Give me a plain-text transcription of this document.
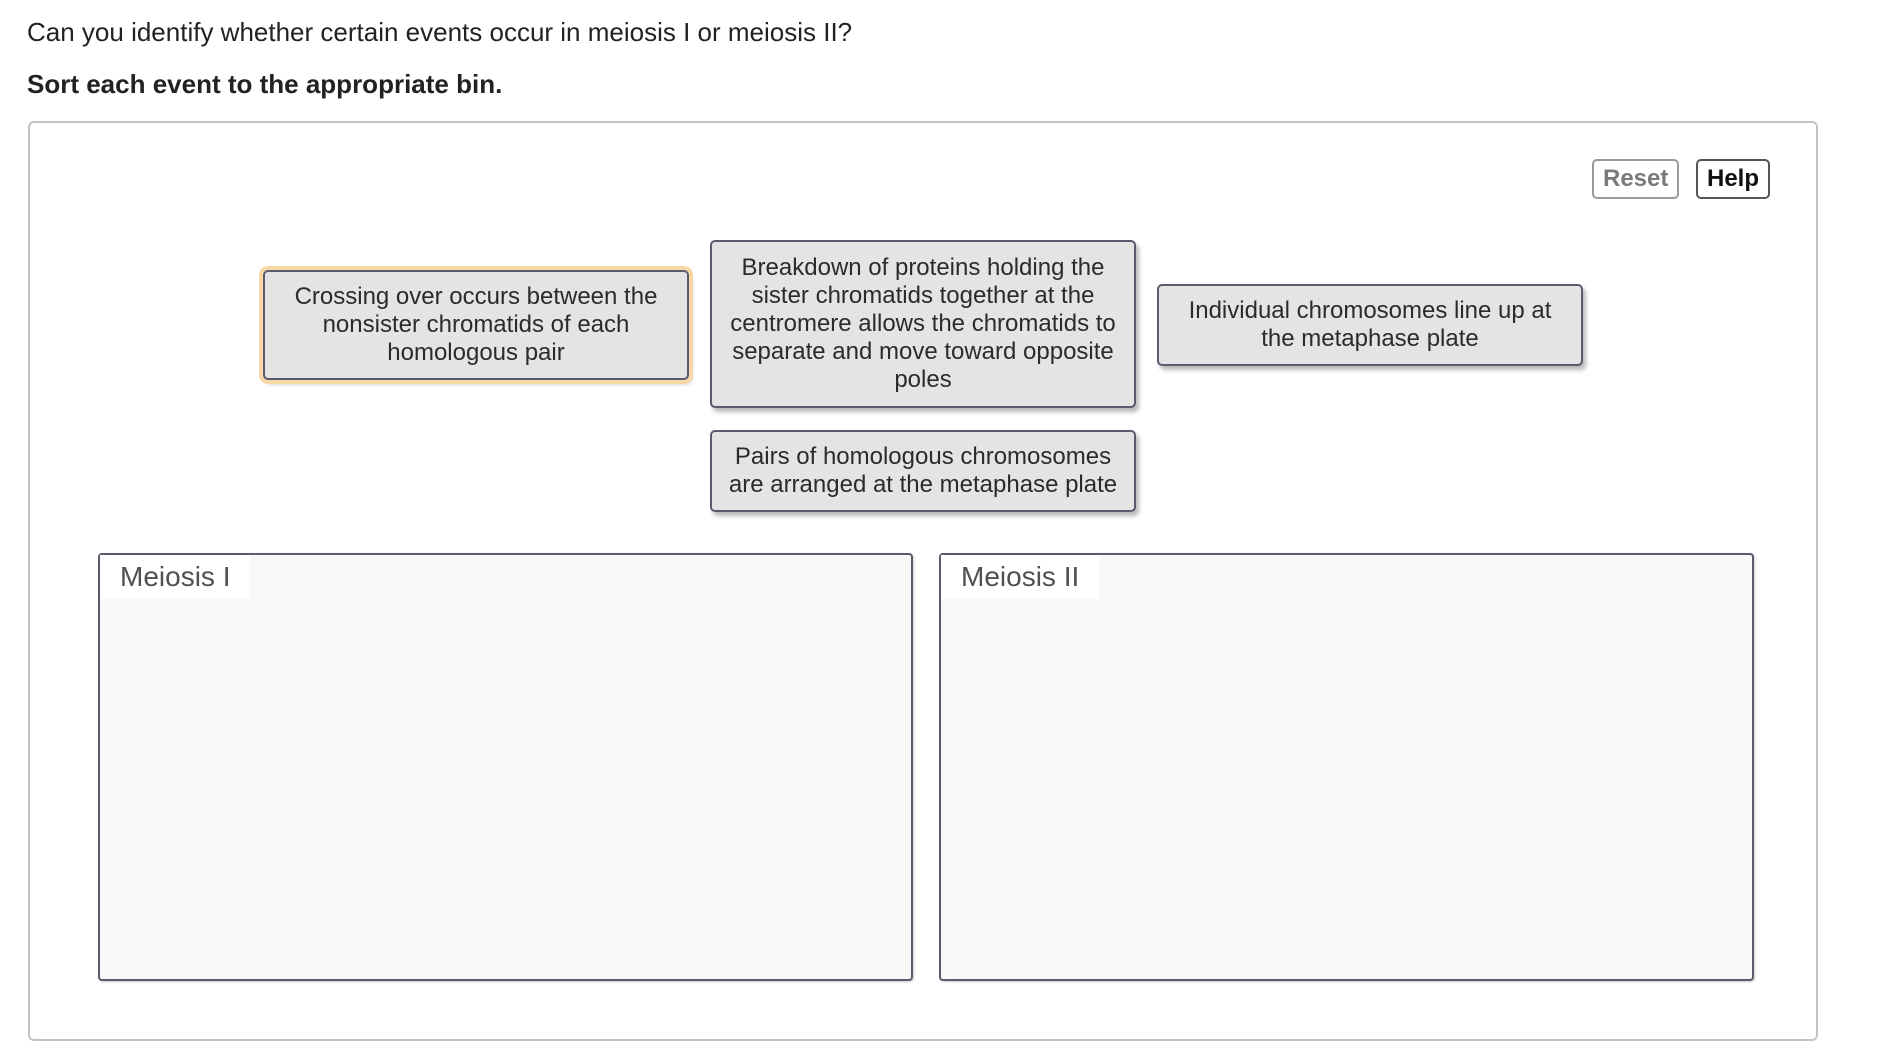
Can you identify whether certain events occur in meiosis I or meiosis II?

Sort each event to the appropriate bin.

Reset	Help
Crossing over occurs between the nonsister chromatids of each homologous pair
Breakdown of proteins holding the sister chromatids together at the centromere allows the chromatids to separate and move toward opposite poles
Individual chromosomes line up at the metaphase plate
Pairs of homologous chromosomes are arranged at the metaphase plate
Meiosis I	Meiosis II
